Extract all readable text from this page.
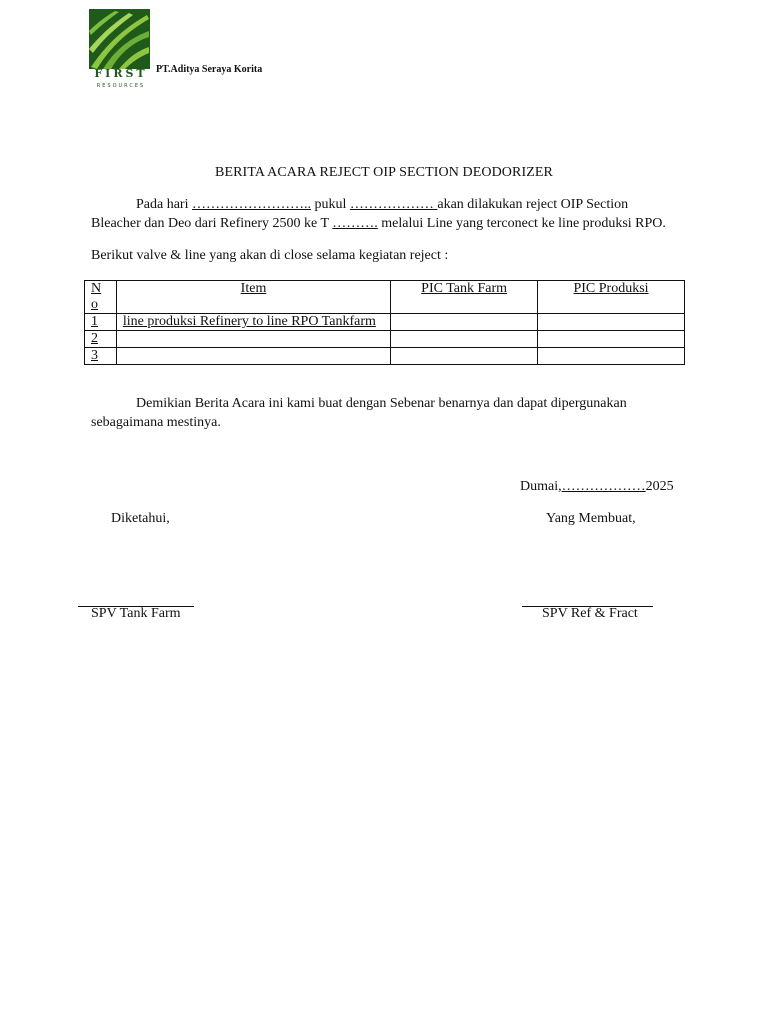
FIRST
RESOURCES
PT.Aditya Seraya Korita
BERITA ACARA REJECT OIP SECTION DEODORIZER
Pada hari …………………….. pukul ……………… akan dilakukan reject OIP Section
Bleacher dan Deo dari Refinery 2500 ke T ………. melalui Line yang terconect ke line produksi RPO.
Berikut valve & line yang akan di close selama kegiatan reject :
No	Item	PIC Tank Farm	PIC Produksi
1	line produksi Refinery to line RPO Tankfarm		
2			
3			
Demikian Berita Acara ini kami buat dengan Sebenar benarnya dan dapat dipergunakan
sebagaimana mestinya.
Dumai,………………2025
Diketahui,	Yang Membuat,
SPV Tank Farm	SPV Ref & Fract
